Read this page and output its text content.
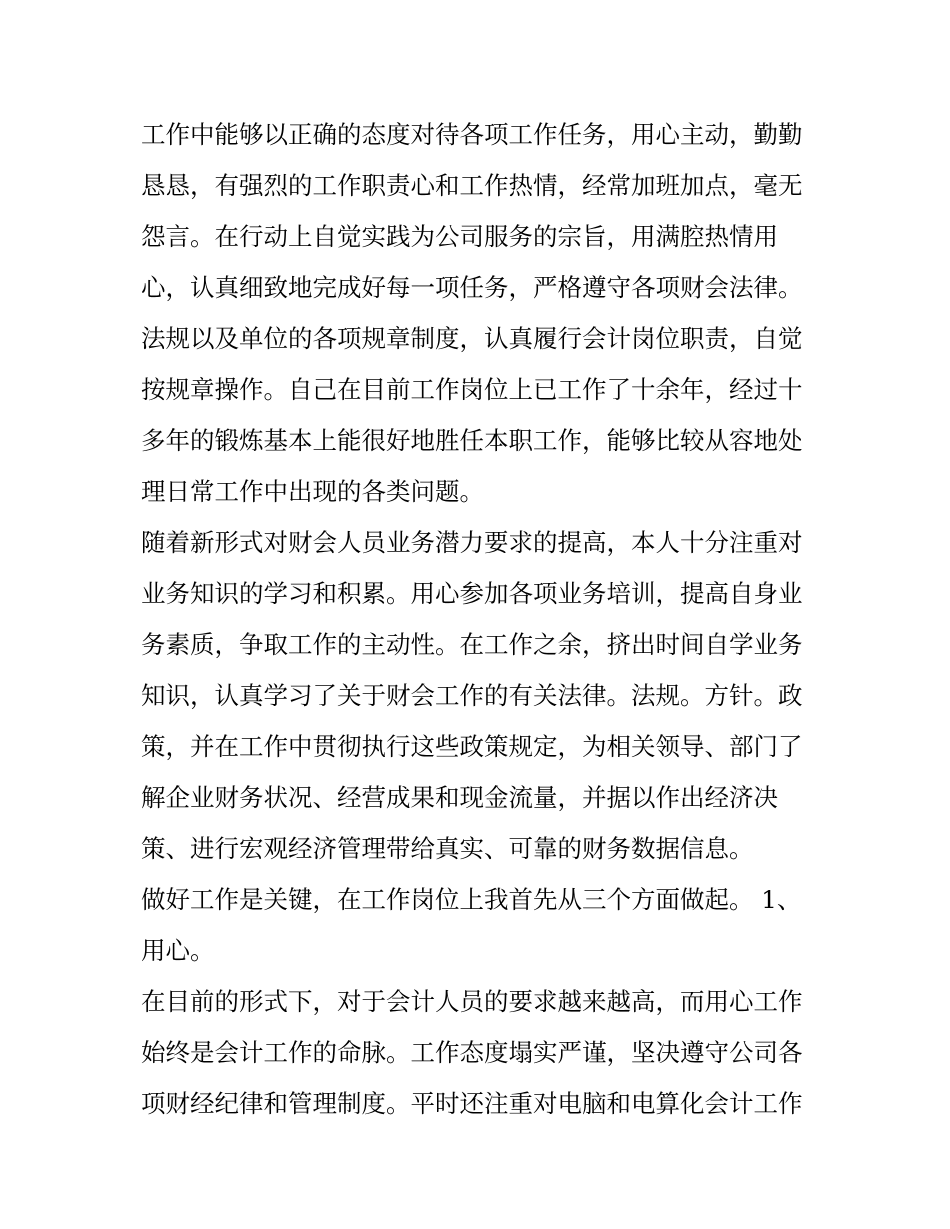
工作中能够以正确的态度对待各项工作任务，用心主动，勤勤
恳恳，有强烈的工作职责心和工作热情，经常加班加点，毫无
怨言。在行动上自觉实践为公司服务的宗旨，用满腔热情用
心，认真细致地完成好每一项任务，严格遵守各项财会法律。
法规以及单位的各项规章制度，认真履行会计岗位职责，自觉
按规章操作。自己在目前工作岗位上已工作了十余年，经过十
多年的锻炼基本上能很好地胜任本职工作，能够比较从容地处
理日常工作中出现的各类问题。
随着新形式对财会人员业务潜力要求的提高，本人十分注重对
业务知识的学习和积累。用心参加各项业务培训，提高自身业
务素质，争取工作的主动性。在工作之余，挤出时间自学业务
知识，认真学习了关于财会工作的有关法律。法规。方针。政
策，并在工作中贯彻执行这些政策规定，为相关领导、部门了
解企业财务状况、经营成果和现金流量，并据以作出经济决
策、进行宏观经济管理带给真实、可靠的财务数据信息。
做好工作是关键，在工作岗位上我首先从三个方面做起。 1、
用心。
在目前的形式下，对于会计人员的要求越来越高，而用心工作
始终是会计工作的命脉。工作态度塌实严谨，坚决遵守公司各
项财经纪律和管理制度。平时还注重对电脑和电算化会计工作
